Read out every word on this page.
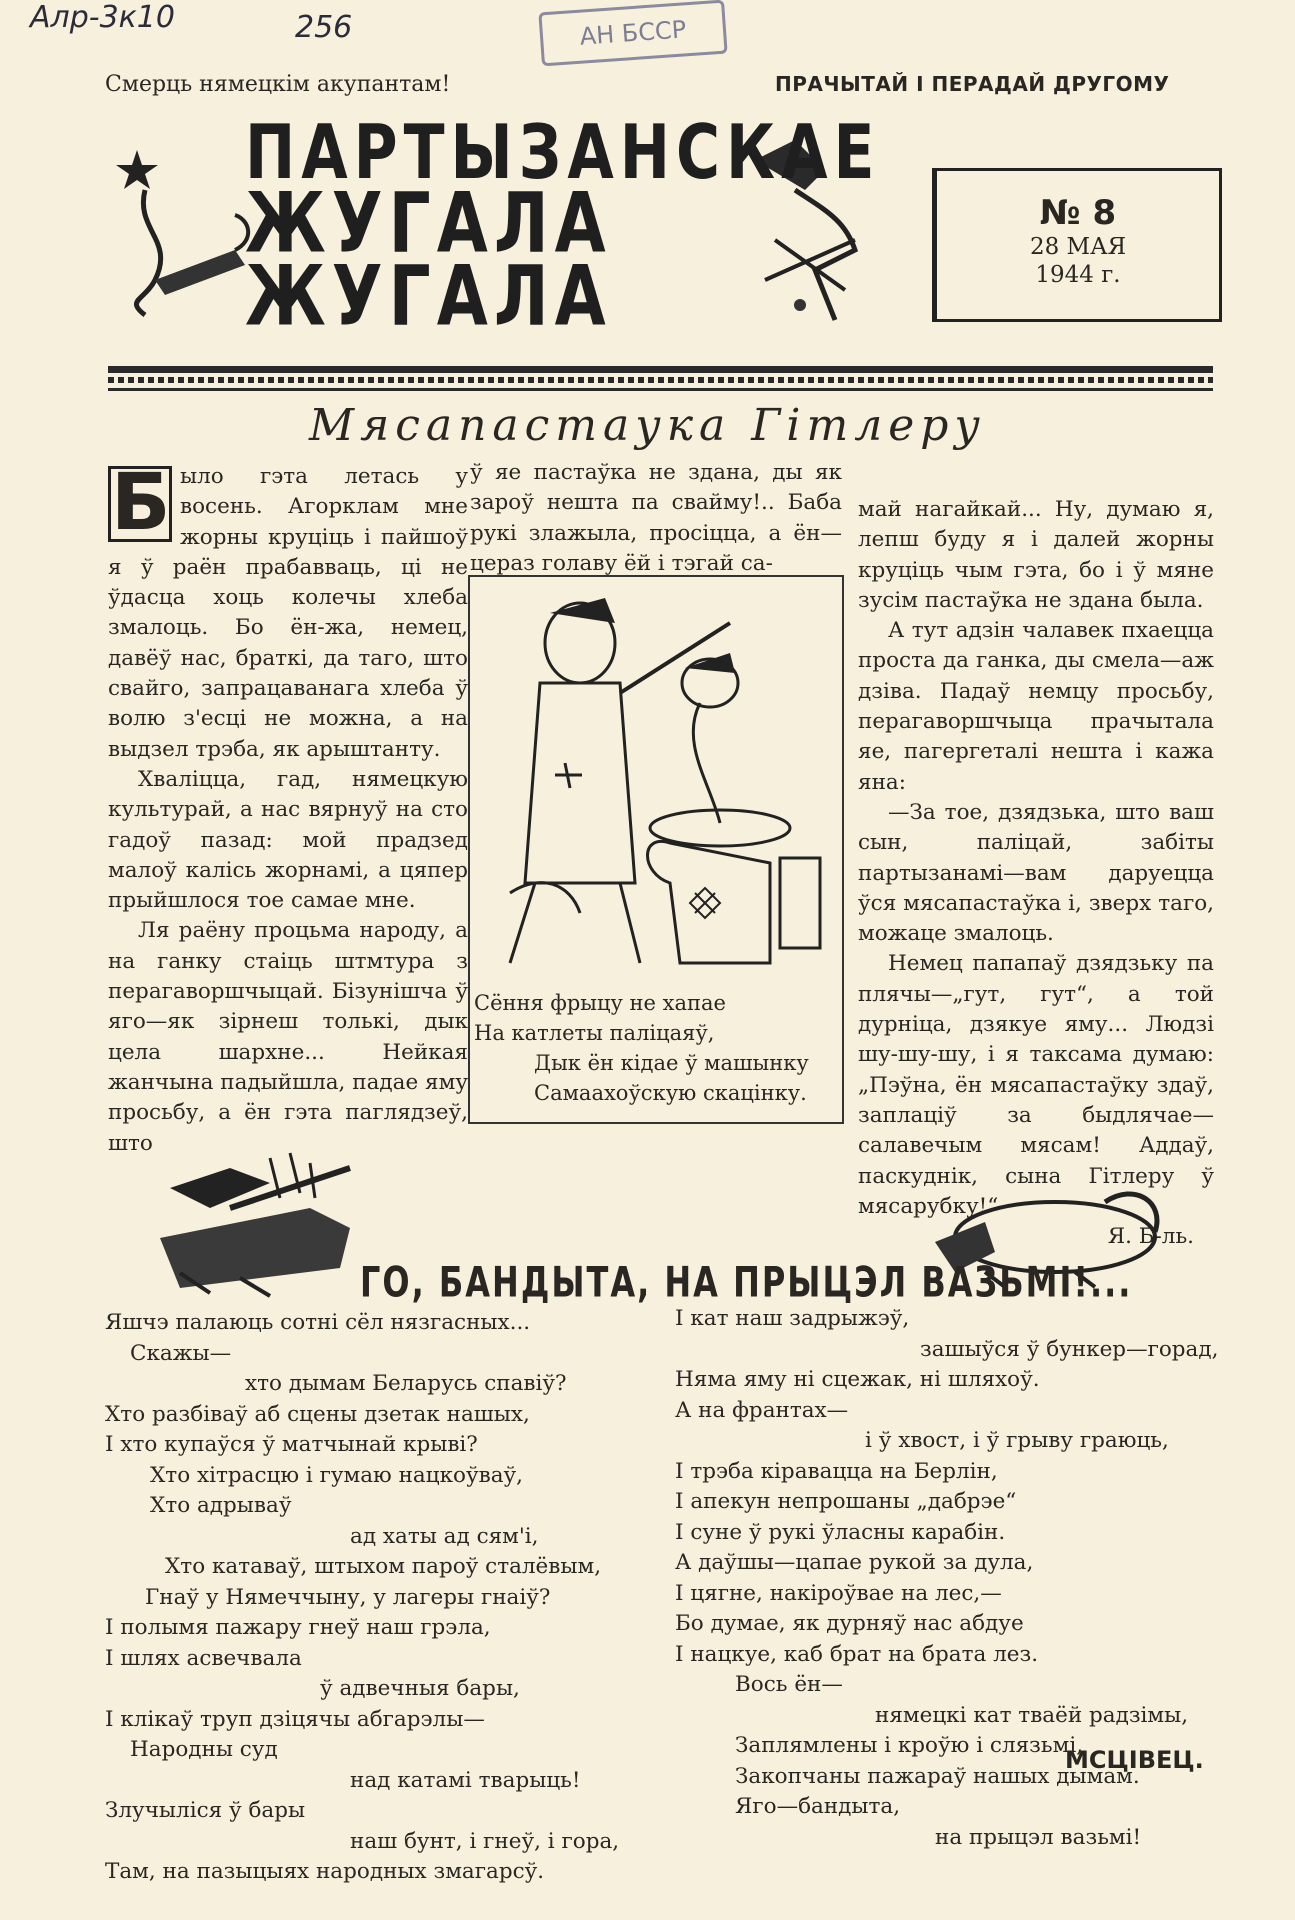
Алр-3к10	256	АН БССР
Смерць нямецкім акупантам!	ПРАЧЫТАЙ І ПЕРАДАЙ ДРУГОМУ
ПАРТЫЗАНСКАЕ
ЖУГАЛА
ЖУГАЛА
№ 8
28 МАЯ
1944 г.
Мясапастаука Гітлеру

Б ыло гэта летась у восень. Агорклам мне жорны круціць і пайшоў я ў раён прабавваць, ці не ўдасца хоць колечы хлеба змалоць. Бо ён-жа, немец, давёў нас, браткі, да таго, што свайго, запрацаванага хлеба ў волю з'есці не можна, а на выдзел трэба, як арыштанту.

Хваліцца, гад, нямецкую культурай, а нас вярнуў на сто гадоў пазад: мой прадзед малоў калісь жорнамі, а цяпер прыйшлося тое самае мне.

Ля раёну процьма народу, а на ганку стаіць штмтура з перагаворшчыцай. Бізунішча ў яго—як зірнеш толькі, дык цела шархне... Нейкая жанчына падыйшла, падае яму просьбу, а ён гэта паглядзеў, што

ў яе пастаўка не здана, ды як зароў нешта па свайму!.. Баба рукі злажыла, просіцца, а ён—цераз голаву ёй і тэгай са-

Сёння фрыцу не хапае
На катлеты паліцаяў,
Дык ён кідае ў машынку
Самаахоўскую скацінку.

май нагайкай... Ну, думаю я, лепш буду я і далей жорны круціць чым гэта, бо і ў мяне зусім пастаўка не здана была.

А тут адзін чалавек пхаецца проста да ганка, ды смела—аж дзіва. Падаў немцу просьбу, перагаворшчыца прачытала яе, пагергеталі нешта і кажа яна:

—За тое, дзядзька, што ваш сын, паліцай, забіты партызанамі—вам даруецца ўся мясапастаўка і, зверх таго, можаце змалоць.

Немец папапаў дзядзьку па плячы—„гут, гут“, а той дурніца, дзякуе яму... Людзі шу-шу-шу, і я таксама думаю: „Пэўна, ён мясапастаўку здаў, заплаціў за быдлячае—салавечым мясам! Аддаў, паскуднік, сына Гітлеру ў мясарубку!“

Я. Б-ль.

ГО, БАНДЫТА, НА ПРЫЦЭЛ ВАЗЬМІ!...
Яшчэ палаюць сотні сёл нязгасных...
Скажы—
хто дымам Беларусь спавіў?
Хто разбіваў аб сцены дзетак нашых,
І хто купаўся ў матчынай крыві?
Хто хітрасцю і гумаю нацкоўваў,
Хто адрываў
ад хаты ад сям'і,
Хто катаваў, штыхом пароў сталёвым,
Гнаў у Нямеччыну, у лагеры гнаіў?
І полымя пажару гнеў наш грэла,
І шлях асвечвала
ў адвечныя бары,
І клікаў труп дзіцячы абгарэлы—
Народны суд
над катамі тварыць!
Злучыліся ў бары
наш бунт, і гнеў, і гора,
Там, на пазыцыях народных змагарсў.
І кат наш задрыжэў,
зашыўся ў бункер—горад,
Няма яму ні сцежак, ні шляхоў.
А на франтах—
і ў хвост, і ў грыву граюць,
І трэба кіравацца на Берлін,
І апекун непрошаны „дабрэе“
І суне ў рукі ўласны карабін.
А даўшы—цапае рукой за дула,
І цягне, накіроўвае на лес,—
Бо думае, як дурняў нас абдуе
І нацкуе, каб брат на брата лез.
Вось ён—
нямецкі кат тваёй радзімы,
Заплямлены і кроўю і слязьмі,
Закопчаны пажараў нашых дымам.
Яго—бандыта,
на прыцэл вазьмі!
МСЦІВЕЦ.
